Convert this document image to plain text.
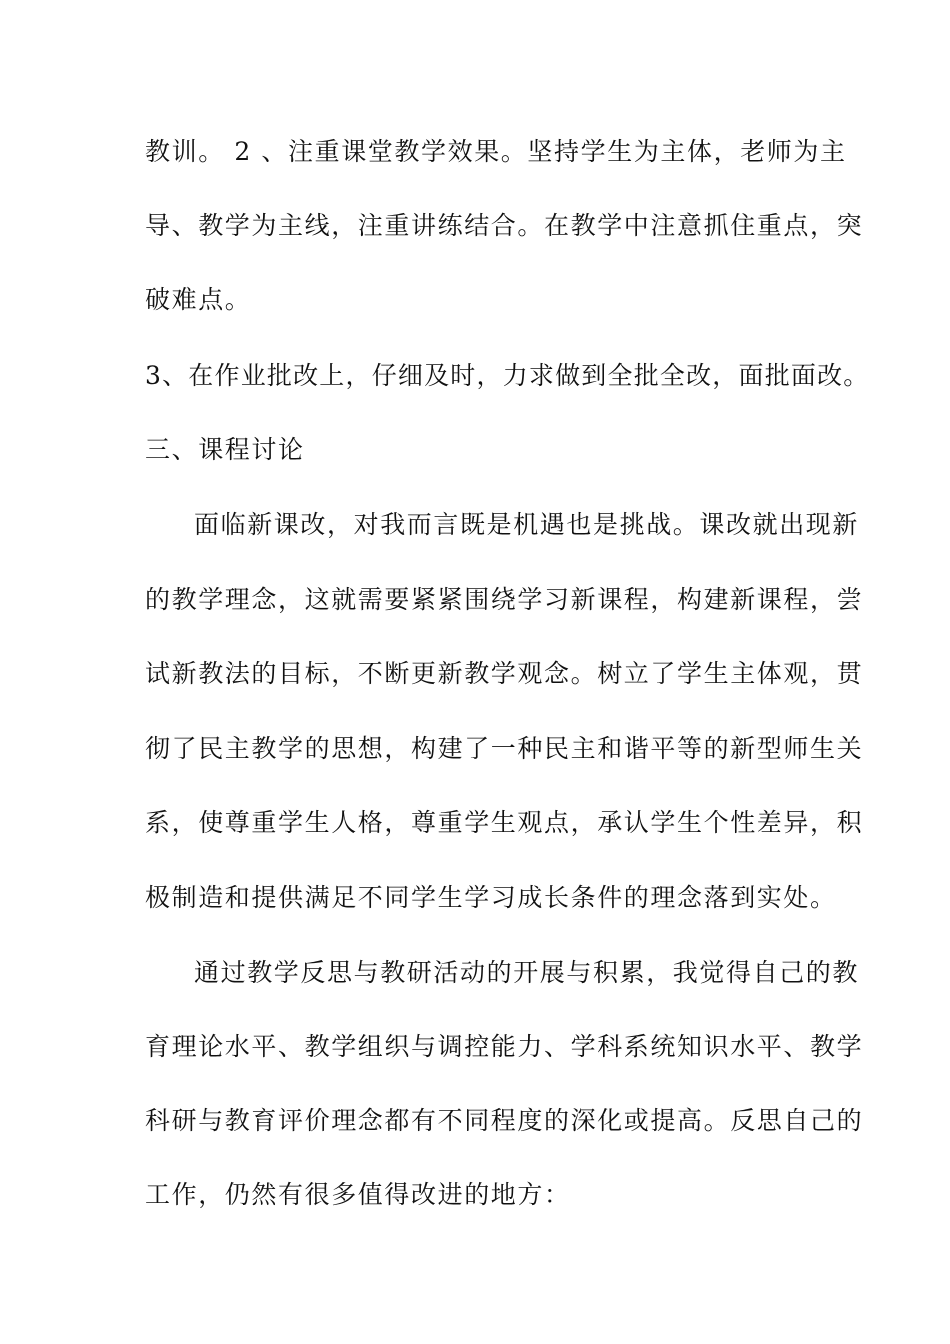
教训。 2 、注重课堂教学效果。坚持学生为主体，老师为主
导、教学为主线，注重讲练结合。在教学中注意抓住重点，突
破难点。
3、在作业批改上，仔细及时，力求做到全批全改，面批面改。
三、课程讨论
面临新课改，对我而言既是机遇也是挑战。课改就出现新
的教学理念，这就需要紧紧围绕学习新课程，构建新课程，尝
试新教法的目标，不断更新教学观念。树立了学生主体观，贯
彻了民主教学的思想，构建了一种民主和谐平等的新型师生关
系，使尊重学生人格，尊重学生观点，承认学生个性差异，积
极制造和提供满足不同学生学习成长条件的理念落到实处。
通过教学反思与教研活动的开展与积累，我觉得自己的教
育理论水平、教学组织与调控能力、学科系统知识水平、教学
科研与教育评价理念都有不同程度的深化或提高。反思自己的
工作，仍然有很多值得改进的地方：
